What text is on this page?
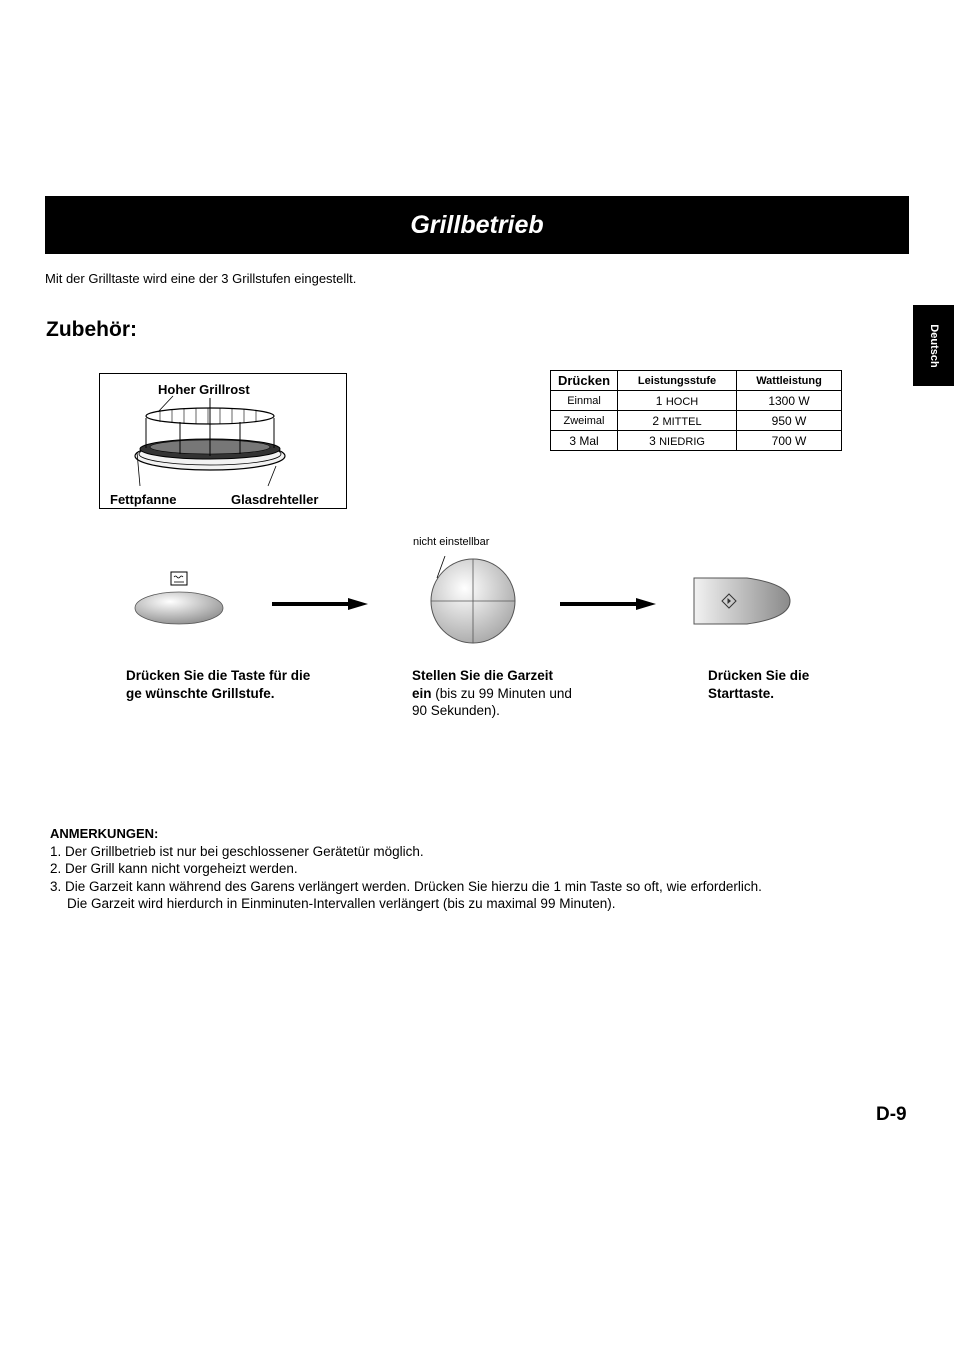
Grillbetrieb
Mit der Grilltaste wird eine der 3 Grillstufen eingestellt.
Zubehör:	Deutsch
Hoher Grillrost
Fettpfanne	Glasdrehteller
Drücken	Leistungsstufe	Wattleistung
Einmal	1 HOCH	1300 W
Zweimal	2 MITTEL	950 W
3 Mal	3 NIEDRIG	700 W
nicht einstellbar
Drücken Sie die Taste für die ge wünschte Grillstufe.
Stellen Sie die Garzeit ein (bis zu 99 Minuten und 90 Sekunden).
Drücken Sie die Starttaste.
ANMERKUNGEN:
1. Der Grillbetrieb ist nur bei geschlossener Gerätetür möglich.
2. Der Grill kann nicht vorgeheizt werden.
3. Die Garzeit kann während des Garens verlängert werden. Drücken Sie hierzu die 1 min Taste so oft, wie erforderlich.
Die Garzeit wird hierdurch in Einminuten-Intervallen verlängert (bis zu maximal 99 Minuten).
D-9
